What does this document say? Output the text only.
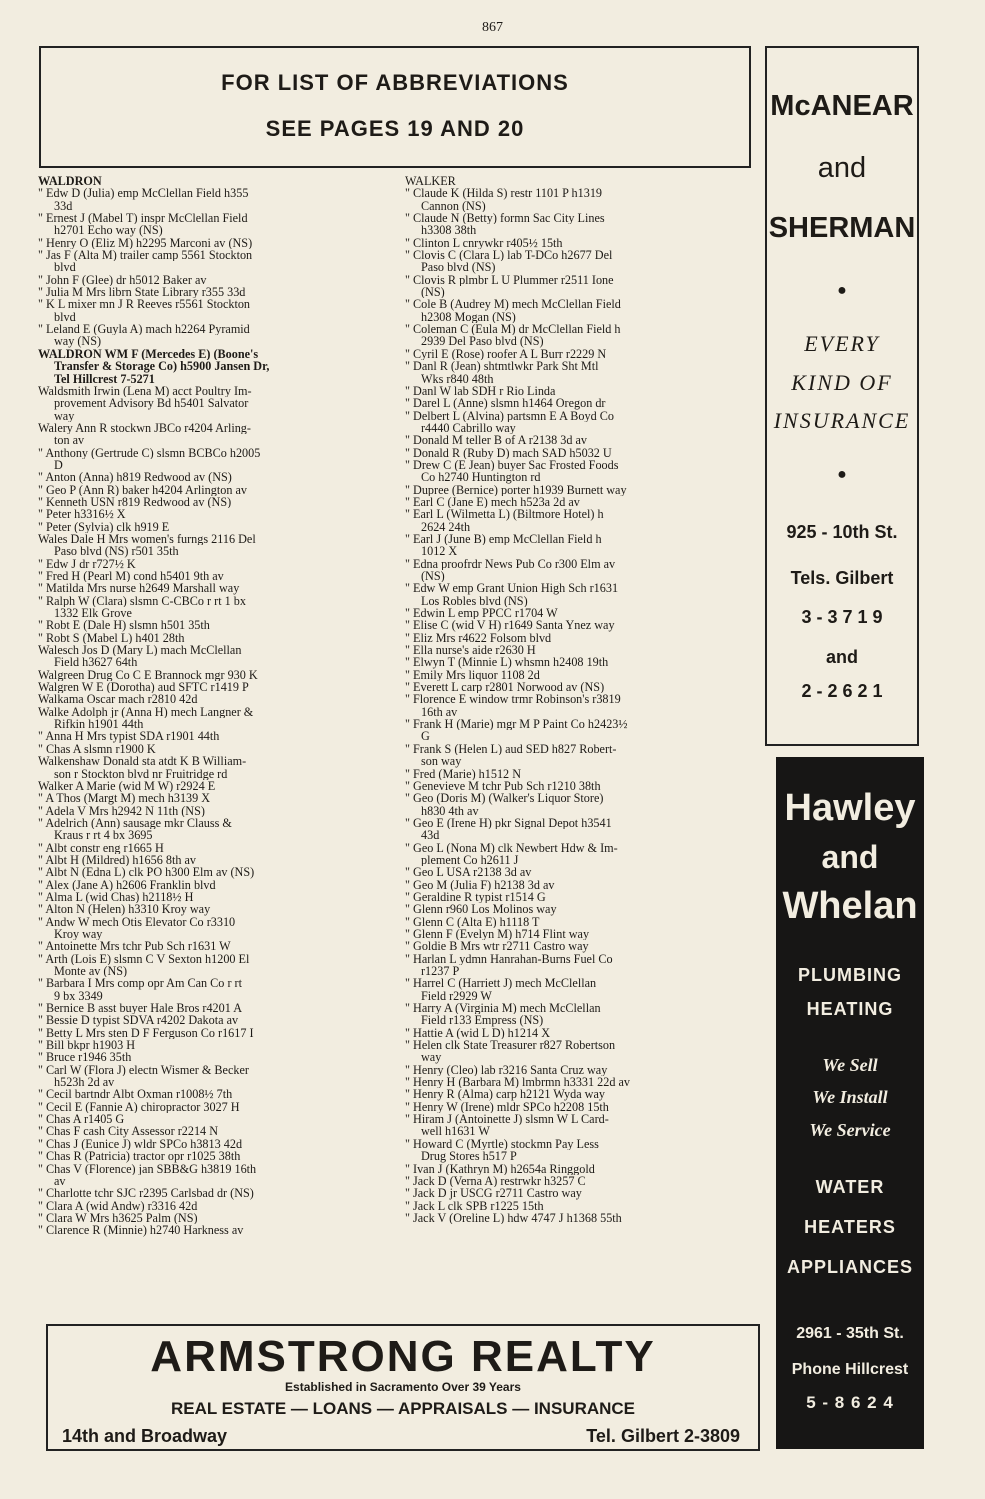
867
FOR LIST OF ABBREVIATIONS
SEE PAGES 19 AND 20
WALDRON
" Edw D (Julia) emp McClellan Field h355
33d
" Ernest J (Mabel T) inspr McClellan Field
h2701 Echo way (NS)
" Henry O (Eliz M) h2295 Marconi av (NS)
" Jas F (Alta M) trailer camp 5561 Stockton
blvd
" John F (Glee) dr h5012 Baker av
" Julia M Mrs librn State Library r355 33d
" K L mixer mn J R Reeves r5561 Stockton
blvd
" Leland E (Guyla A) mach h2264 Pyramid
way (NS)
WALDRON WM F (Mercedes E) (Boone's
Transfer & Storage Co) h5900 Jansen Dr,
Tel Hillcrest 7-5271
Waldsmith Irwin (Lena M) acct Poultry Im-
provement Advisory Bd h5401 Salvator
way
Walery Ann R stockwn JBCo r4204 Arling-
ton av
" Anthony (Gertrude C) slsmn BCBCo h2005
D
" Anton (Anna) h819 Redwood av (NS)
" Geo P (Ann R) baker h4204 Arlington av
" Kenneth USN r819 Redwood av (NS)
" Peter h3316½ X
" Peter (Sylvia) clk h919 E
Wales Dale H Mrs women's furngs 2116 Del
Paso blvd (NS) r501 35th
" Edw J dr r727½ K
" Fred H (Pearl M) cond h5401 9th av
" Matilda Mrs nurse h2649 Marshall way
" Ralph W (Clara) slsmn C-CBCo r rt 1 bx
1332 Elk Grove
" Robt E (Dale H) slsmn h501 35th
" Robt S (Mabel L) h401 28th
Walesch Jos D (Mary L) mach McClellan
Field h3627 64th
Walgreen Drug Co C E Brannock mgr 930 K
Walgren W E (Dorotha) aud SFTC r1419 P
Walkama Oscar mach r2810 42d
Walke Adolph jr (Anna H) mech Langner &
Rifkin h1901 44th
" Anna H Mrs typist SDA r1901 44th
" Chas A slsmn r1900 K
Walkenshaw Donald sta atdt K B William-
son r Stockton blvd nr Fruitridge rd
Walker A Marie (wid M W) r2924 E
" A Thos (Margt M) mech h3139 X
" Adela V Mrs h2942 N 11th (NS)
" Adelrich (Ann) sausage mkr Clauss &
Kraus r rt 4 bx 3695
" Albt constr eng r1665 H
" Albt H (Mildred) h1656 8th av
" Albt N (Edna L) clk PO h300 Elm av (NS)
" Alex (Jane A) h2606 Franklin blvd
" Alma L (wid Chas) h2118½ H
" Alton N (Helen) h3310 Kroy way
" Andw W mech Otis Elevator Co r3310
Kroy way
" Antoinette Mrs tchr Pub Sch r1631 W
" Arth (Lois E) slsmn C V Sexton h1200 El
Monte av (NS)
" Barbara I Mrs comp opr Am Can Co r rt
9 bx 3349
" Bernice B asst buyer Hale Bros r4201 A
" Bessie D typist SDVA r4202 Dakota av
" Betty L Mrs sten D F Ferguson Co r1617 I
" Bill bkpr h1903 H
" Bruce r1946 35th
" Carl W (Flora J) electn Wismer & Becker
h523h 2d av
" Cecil bartndr Albt Oxman r1008½ 7th
" Cecil E (Fannie A) chiropractor 3027 H
" Chas A r1405 G
" Chas F cash City Assessor r2214 N
" Chas J (Eunice J) wldr SPCo h3813 42d
" Chas R (Patricia) tractor opr r1025 38th
" Chas V (Florence) jan SBB&G h3819 16th
av
" Charlotte tchr SJC r2395 Carlsbad dr (NS)
" Clara A (wid Andw) r3316 42d
" Clara W Mrs h3625 Palm (NS)
" Clarence R (Minnie) h2740 Harkness av
WALKER
" Claude K (Hilda S) restr 1101 P h1319
Cannon (NS)
" Claude N (Betty) formn Sac City Lines
h3308 38th
" Clinton L cnrywkr r405½ 15th
" Clovis C (Clara L) lab T-DCo h2677 Del
Paso blvd (NS)
" Clovis R plmbr L U Plummer r2511 Ione
(NS)
" Cole B (Audrey M) mech McClellan Field
h2308 Mogan (NS)
" Coleman C (Eula M) dr McClellan Field h
2939 Del Paso blvd (NS)
" Cyril E (Rose) roofer A L Burr r2229 N
" Danl R (Jean) shtmtlwkr Park Sht Mtl
Wks r840 48th
" Danl W lab SDH r Rio Linda
" Darel L (Anne) slsmn h1464 Oregon dr
" Delbert L (Alvina) partsmn E A Boyd Co
r4440 Cabrillo way
" Donald M teller B of A r2138 3d av
" Donald R (Ruby D) mach SAD h5032 U
" Drew C (E Jean) buyer Sac Frosted Foods
Co h2740 Huntington rd
" Dupree (Bernice) porter h1939 Burnett way
" Earl C (Jane E) mech h523a 2d av
" Earl L (Wilmetta L) (Biltmore Hotel) h
2624 24th
" Earl J (June B) emp McClellan Field h
1012 X
" Edna proofrdr News Pub Co r300 Elm av
(NS)
" Edw W emp Grant Union High Sch r1631
Los Robles blvd (NS)
" Edwin L emp PPCC r1704 W
" Elise C (wid V H) r1649 Santa Ynez way
" Eliz Mrs r4622 Folsom blvd
" Ella nurse's aide r2630 H
" Elwyn T (Minnie L) whsmn h2408 19th
" Emily Mrs liquor 1108 2d
" Everett L carp r2801 Norwood av (NS)
" Florence E window trmr Robinson's r3819
16th av
" Frank H (Marie) mgr M P Paint Co h2423½
G
" Frank S (Helen L) aud SED h827 Robert-
son way
" Fred (Marie) h1512 N
" Genevieve M tchr Pub Sch r1210 38th
" Geo (Doris M) (Walker's Liquor Store)
h830 4th av
" Geo E (Irene H) pkr Signal Depot h3541
43d
" Geo L (Nona M) clk Newbert Hdw & Im-
plement Co h2611 J
" Geo L USA r2138 3d av
" Geo M (Julia F) h2138 3d av
" Geraldine R typist r1514 G
" Glenn r960 Los Molinos way
" Glenn C (Alta E) h1118 T
" Glenn F (Evelyn M) h714 Flint way
" Goldie B Mrs wtr r2711 Castro way
" Harlan L ydmn Hanrahan-Burns Fuel Co
r1237 P
" Harrel C (Harriett J) mech McClellan
Field r2929 W
" Harry A (Virginia M) mech McClellan
Field r133 Empress (NS)
" Hattie A (wid L D) h1214 X
" Helen clk State Treasurer r827 Robertson
way
" Henry (Cleo) lab r3216 Santa Cruz way
" Henry H (Barbara M) lmbrmn h3331 22d av
" Henry R (Alma) carp h2121 Wyda way
" Henry W (Irene) mldr SPCo h2208 15th
" Hiram J (Antoinette J) slsmn W L Card-
well h1631 W
" Howard C (Myrtle) stockmn Pay Less
Drug Stores h517 P
" Ivan J (Kathryn M) h2654a Ringgold
" Jack D (Verna A) restrwkr h3257 C
" Jack D jr USCG r2711 Castro way
" Jack L clk SPB r1225 15th
" Jack V (Oreline L) hdw 4747 J h1368 55th
McANEAR
and
SHERMAN
●
EVERY
KIND OF
INSURANCE
●
925 - 10th St.
Tels. Gilbert
3 - 3 7 1 9
and
2 - 2 6 2 1
Hawley
and
Whelan
PLUMBING
HEATING
We Sell
We Install
We Service
WATER
HEATERS
APPLIANCES
2961 - 35th St.
Phone Hillcrest
5 - 8 6 2 4
ARMSTRONG REALTY
Established in Sacramento Over 39 Years
REAL ESTATE — LOANS — APPRAISALS — INSURANCE
14th and Broadway	Tel. Gilbert 2-3809
